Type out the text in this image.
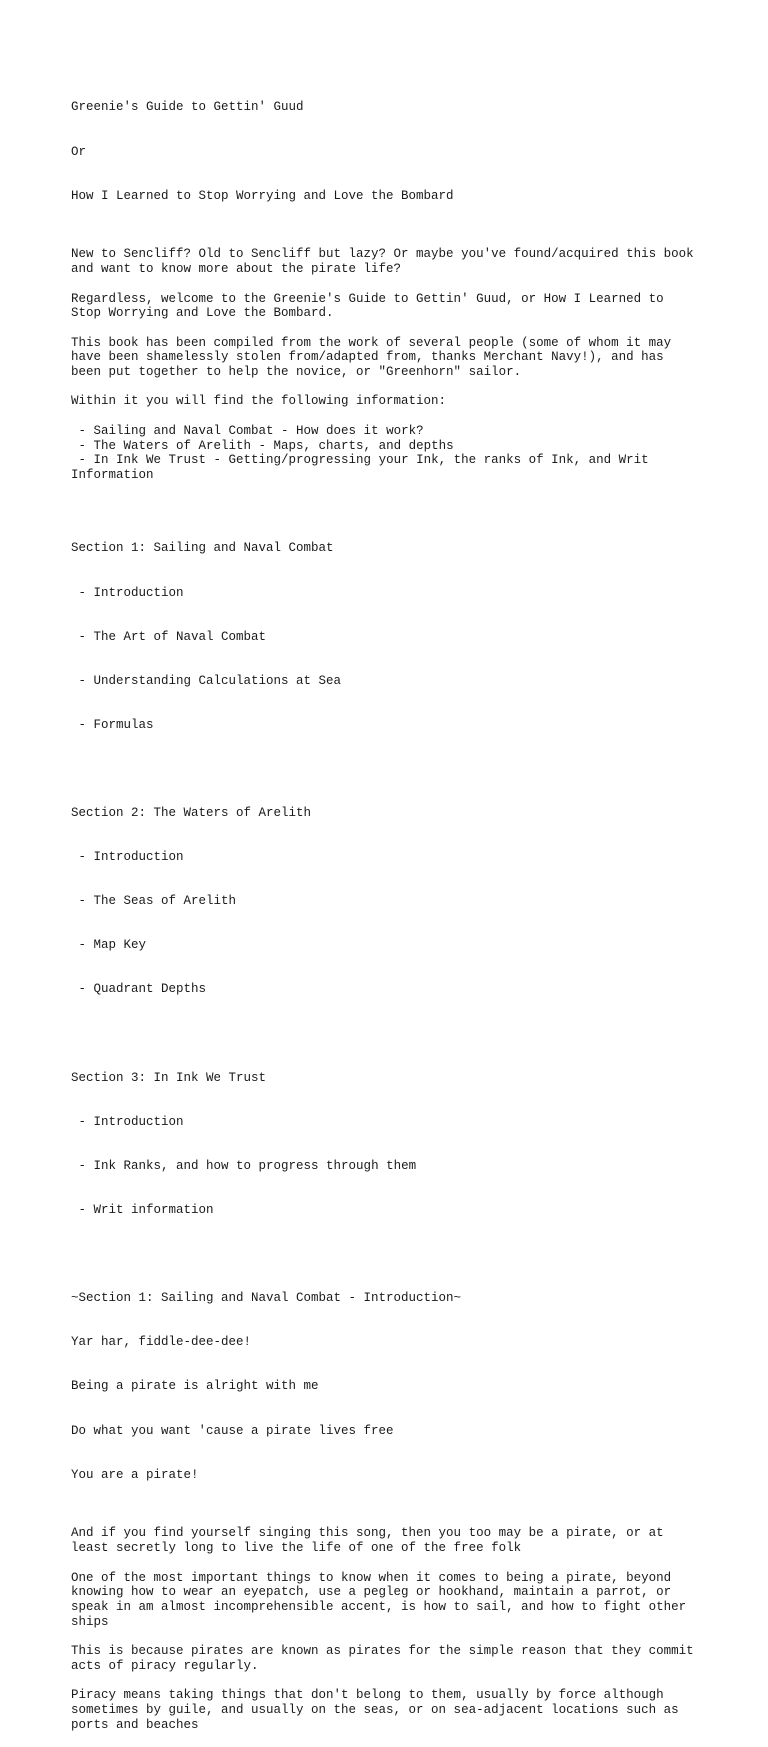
Greenie's Guide to Gettin' Guud

Or

How I Learned to Stop Worrying and Love the Bombard

New to Sencliff? Old to Sencliff but lazy? Or maybe you've found/acquired this book
and want to know more about the pirate life?
Regardless, welcome to the Greenie's Guide to Gettin' Guud, or How I Learned to
Stop Worrying and Love the Bombard.
This book has been compiled from the work of several people (some of whom it may
have been shamelessly stolen from/adapted from, thanks Merchant Navy!), and has
been put together to help the novice, or "Greenhorn" sailor.
Within it you will find the following information:
- Sailing and Naval Combat - How does it work?
- The Waters of Arelith - Maps, charts, and depths
- In Ink We Trust - Getting/progressing your Ink, the ranks of Ink, and Writ
Information

Section 1: Sailing and Naval Combat

- Introduction

- The Art of Naval Combat

- Understanding Calculations at Sea

- Formulas

Section 2: The Waters of Arelith

- Introduction

- The Seas of Arelith

- Map Key

- Quadrant Depths

Section 3: In Ink We Trust

- Introduction

- Ink Ranks, and how to progress through them

- Writ information

~Section 1: Sailing and Naval Combat - Introduction~

Yar har, fiddle-dee-dee!

Being a pirate is alright with me

Do what you want 'cause a pirate lives free

You are a pirate!

And if you find yourself singing this song, then you too may be a pirate, or at
least secretly long to live the life of one of the free folk
One of the most important things to know when it comes to being a pirate, beyond
knowing how to wear an eyepatch, use a pegleg or hookhand, maintain a parrot, or
speak in am almost incomprehensible accent, is how to sail, and how to fight other
ships
This is because pirates are known as pirates for the simple reason that they commit
acts of piracy regularly.
Piracy means taking things that don't belong to them, usually by force although
sometimes by guile, and usually on the seas, or on sea-adjacent locations such as
ports and beaches
